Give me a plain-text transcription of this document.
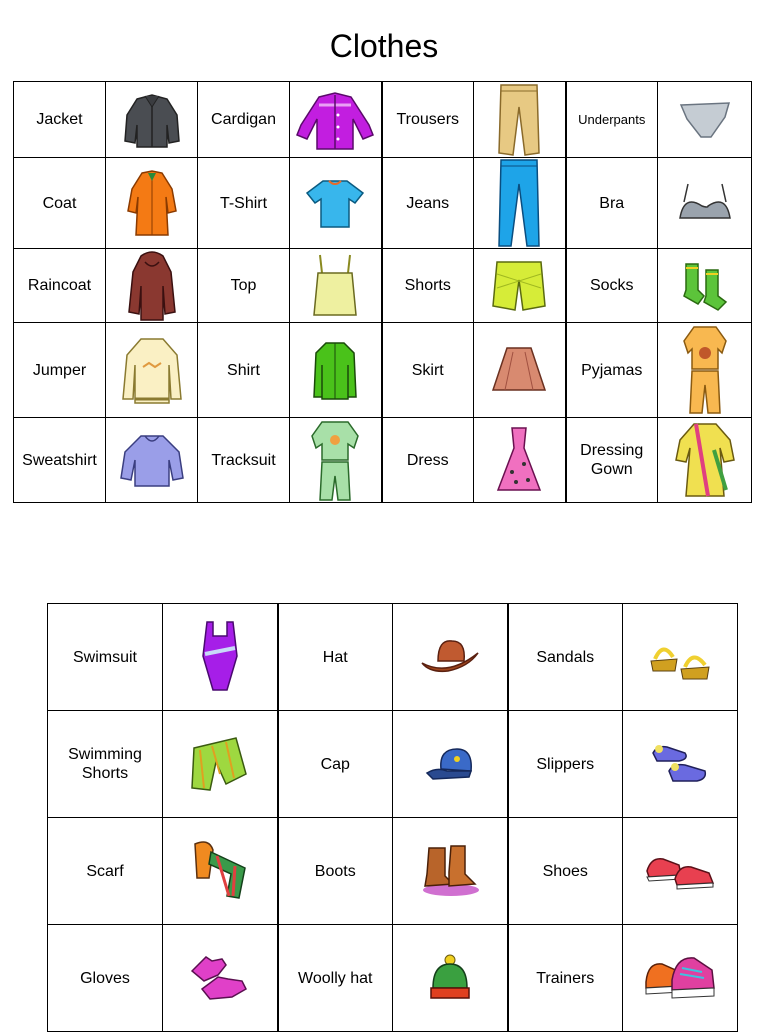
Clothes
Jacket		Cardigan		Trousers		Underpants	

Coat		T-Shirt		Jeans		Bra	

Raincoat		Top		Shorts		Socks	

Jumper		Shirt		Skirt		Pyjamas	

Sweatshirt		Tracksuit		Dress		Dressing Gown	
Swimsuit		Hat		Sandals	

Swimming Shorts		Cap		Slippers	

Scarf		Boots		Shoes	

Gloves		Woolly hat		Trainers	
